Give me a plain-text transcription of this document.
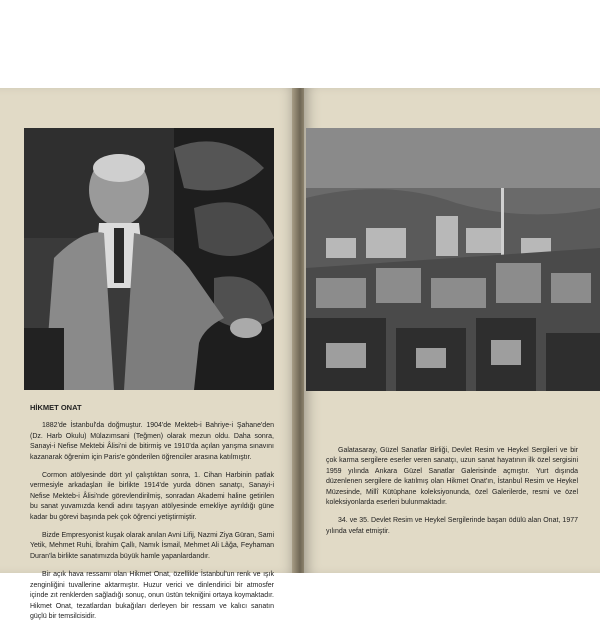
HİKMET ONAT

1882'de İstanbul'da doğmuştur. 1904'de Mekteb-i Bahriye-i Şahane'den (Dz. Harb Okulu) Mülazımsani (Teğmen) olarak mezun oldu. Daha sonra, Sanayi-i Nefise Mektebi Âlisi'ni de bitirmiş ve 1910'da açılan yarışma sınavını kazanarak öğrenim için Paris'e gönderilen öğrenciler arasına katılmıştır.

Cormon atölyesinde dört yıl çalıştıktan sonra, 1. Cihan Harbinin patlak vermesiyle arkadaşları ile birlikte 1914'de yurda dönen sanatçı, Sanayi-i Nefise Mekteb-i Âlisi'nde görevlendirilmiş, sonradan Akademi haline getirilen bu sanat yuvamızda kendi adını taşıyan atölyesinde emekliye ayrıldığı güne kadar bu görevi başında pek çok öğrenci yetiştirmiştir.

Bizde Empresyonist kuşak olarak anılan Avni Lifij, Nazmi Ziya Güran, Sami Yetik, Mehmet Ruhi, İbrahim Çallı, Namık İsmail, Mehmet Ali Lâğa, Feyhaman Duran'la birlikte sanatımızda büyük hamle yapanlardandır.

Bir açık hava ressamı olan Hikmet Onat, özellikle İstanbul'un renk ve ışık zenginliğini tuvallerine aktarmıştır. Huzur verici ve dinlendirici bir atmosfer içinde zıt renklerden sağladığı sonuç, onun üstün tekniğini ortaya koymaktadır. Hikmet Onat, tezatlardan bukağıları derleyen bir ressam ve kalıcı sanatın güçlü bir temsilcisidir.

Galatasaray, Güzel Sanatlar Birliği, Devlet Resim ve Heykel Sergileri ve bir çok karma sergilere eserler veren sanatçı, uzun sanat hayatının ilk özel sergisini 1959 yılında Ankara Güzel Sanatlar Galerisinde açmıştır. Yurt dışında düzenlenen sergilere de katılmış olan Hikmet Onat'ın, İstanbul Resim ve Heykel Müzesinde, Millî Kütüphane koleksiyonunda, özel Galerilerde, resmi ve özel koleksiyonlarda eserleri bulunmaktadır.

34. ve 35. Devlet Resim ve Heykel Sergilerinde başarı ödülü alan Onat, 1977 yılında vefat etmiştir.
